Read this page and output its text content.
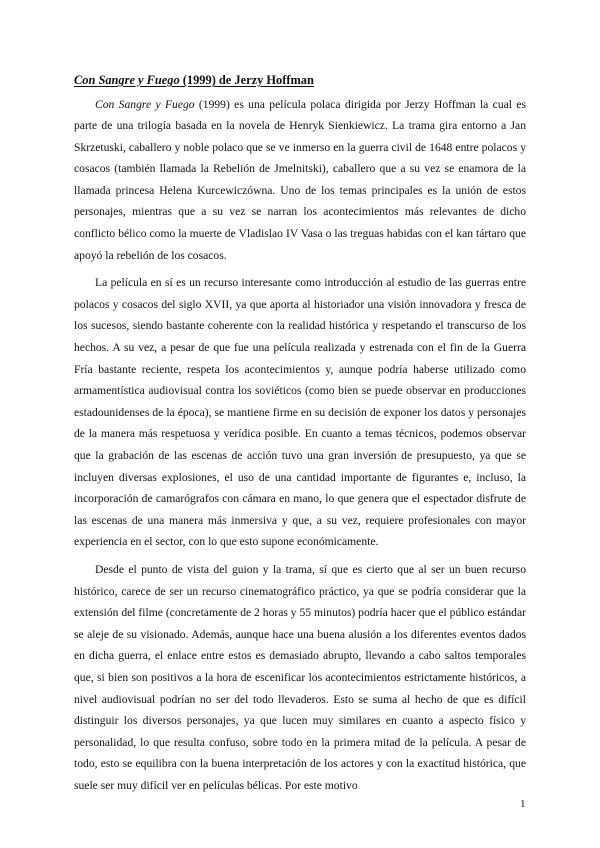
Con Sangre y Fuego (1999) de Jerzy Hoffman

Con Sangre y Fuego (1999) es una película polaca dirigida por Jerzy Hoffman la cual es parte de una trilogía basada en la novela de Henryk Sienkiewicz. La trama gira entorno a Jan Skrzetuski, caballero y noble polaco que se ve inmerso en la guerra civil de 1648 entre polacos y cosacos (también llamada la Rebelión de Jmelnitski), caballero que a su vez se enamora de la llamada princesa Helena Kurcewiczówna. Uno de los temas principales es la unión de estos personajes, mientras que a su vez se narran los acontecimientos más relevantes de dicho conflicto bélico como la muerte de Vladislao IV Vasa o las treguas habidas con el kan tártaro que apoyó la rebelión de los cosacos.

La película en sí es un recurso interesante como introducción al estudio de las guerras entre polacos y cosacos del siglo XVII, ya que aporta al historiador una visión innovadora y fresca de los sucesos, siendo bastante coherente con la realidad histórica y respetando el transcurso de los hechos. A su vez, a pesar de que fue una película realizada y estrenada con el fin de la Guerra Fría bastante reciente, respeta los acontecimientos y, aunque podría haberse utilizado como armamentística audiovisual contra los soviéticos (como bien se puede observar en producciones estadounidenses de la época), se mantiene firme en su decisión de exponer los datos y personajes de la manera más respetuosa y verídica posible. En cuanto a temas técnicos, podemos observar que la grabación de las escenas de acción tuvo una gran inversión de presupuesto, ya que se incluyen diversas explosiones, el uso de una cantidad importante de figurantes e, incluso, la incorporación de camarógrafos con cámara en mano, lo que genera que el espectador disfrute de las escenas de una manera más inmersiva y que, a su vez, requiere profesionales con mayor experiencia en el sector, con lo que esto supone económicamente.

Desde el punto de vista del guion y la trama, sí que es cierto que al ser un buen recurso histórico, carece de ser un recurso cinematográfico práctico, ya que se podría considerar que la extensión del filme (concretamente de 2 horas y 55 minutos) podría hacer que el público estándar se aleje de su visionado. Además, aunque hace una buena alusión a los diferentes eventos dados en dicha guerra, el enlace entre estos es demasiado abrupto, llevando a cabo saltos temporales que, si bien son positivos a la hora de escenificar los acontecimientos estrictamente históricos, a nivel audiovisual podrían no ser del todo llevaderos. Esto se suma al hecho de que es difícil distinguir los diversos personajes, ya que lucen muy similares en cuanto a aspecto físico y personalidad, lo que resulta confuso, sobre todo en la primera mitad de la película. A pesar de todo, esto se equilibra con la buena interpretación de los actores y con la exactitud histórica, que suele ser muy difícil ver en películas bélicas. Por este motivo

1
